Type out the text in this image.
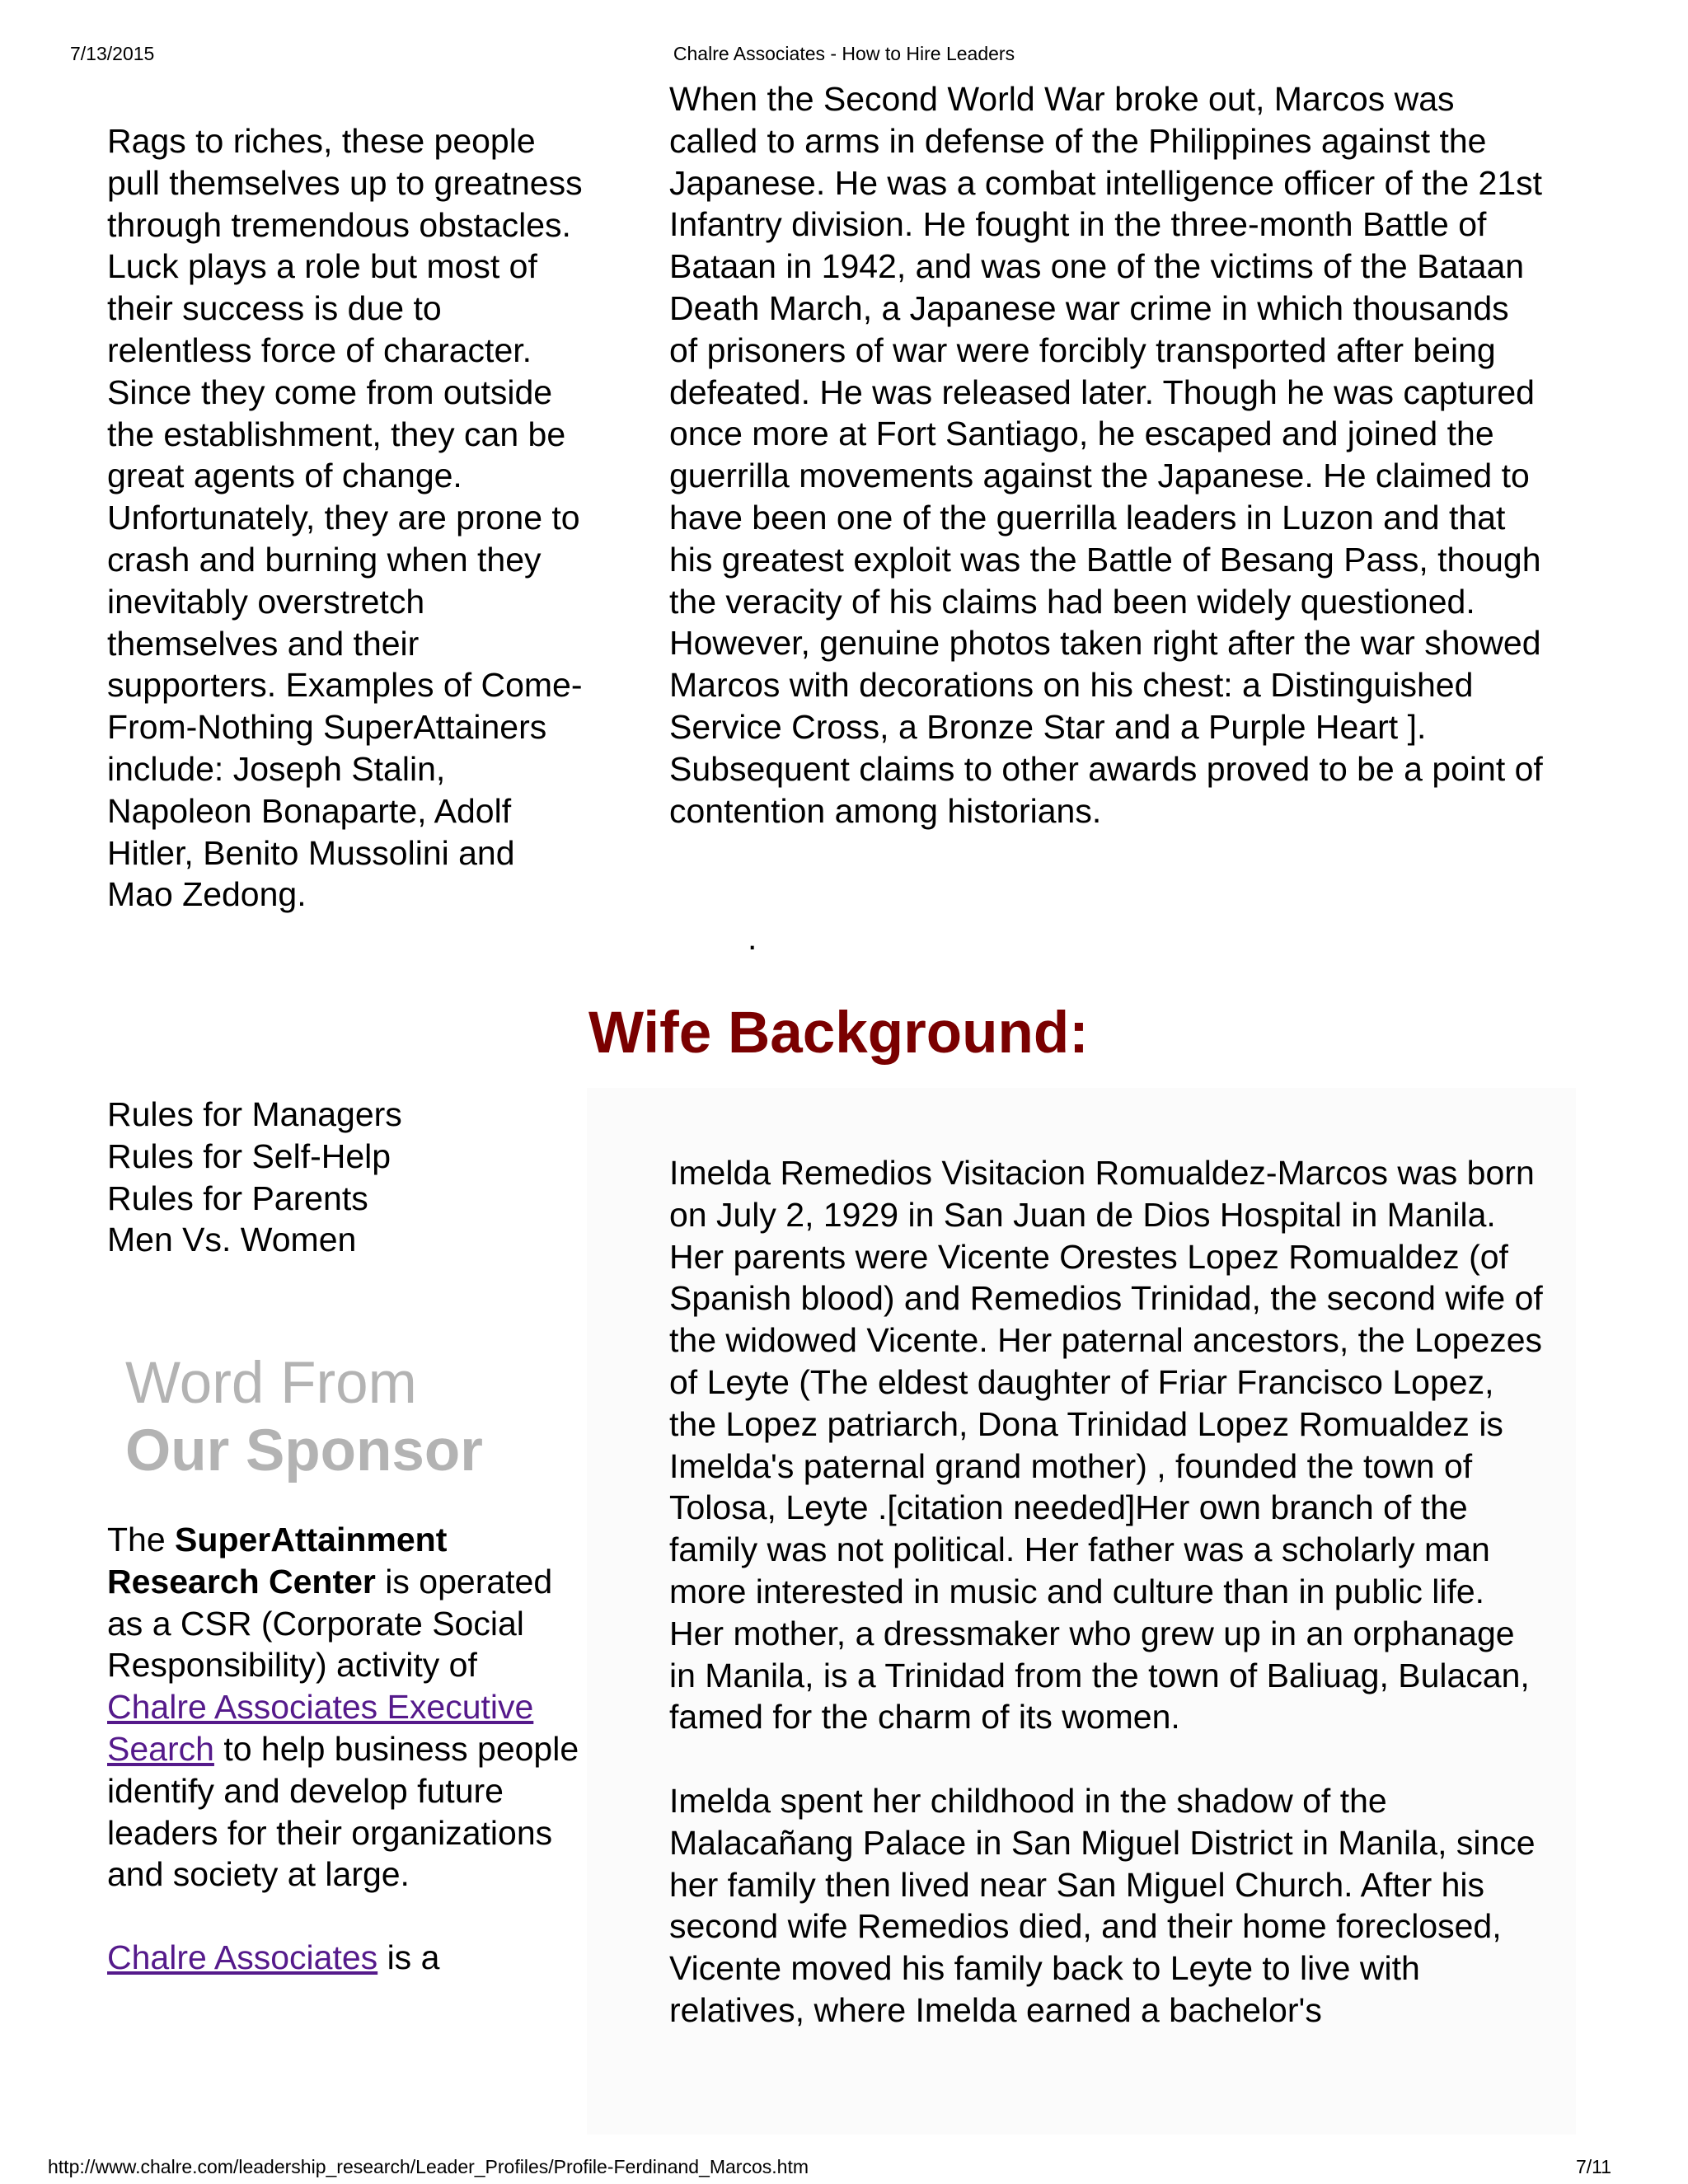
7/13/2015	Chalre Associates - How to Hire Leaders

Rags to riches, these people pull themselves up to greatness through tremendous obstacles. Luck plays a role but most of their success is due to relentless force of character. Since they come from outside the establishment, they can be great agents of change. Unfortunately, they are prone to crash and burning when they inevitably overstretch themselves and their supporters. Examples of Come-From-Nothing SuperAttainers include: Joseph Stalin, Napoleon Bonaparte, Adolf Hitler, Benito Mussolini and Mao Zedong.

Rules for Managers
Rules for Self-Help
Rules for Parents
Men Vs. Women
Word From
Our Sponsor

The SuperAttainment Research Center is operated as a CSR (Corporate Social Responsibility) activity of Chalre Associates Executive Search to help business people identify and develop future leaders for their organizations and society at large.

Chalre Associates is a

When the Second World War broke out, Marcos was called to arms in defense of the Philippines against the Japanese. He was a combat intelligence officer of the 21st Infantry division. He fought in the three-month Battle of Bataan in 1942, and was one of the victims of the Bataan Death March, a Japanese war crime in which thousands of prisoners of war were forcibly transported after being defeated. He was released later. Though he was captured once more at Fort Santiago, he escaped and joined the guerrilla movements against the Japanese. He claimed to have been one of the guerrilla leaders in Luzon and that his greatest exploit was the Battle of Besang Pass, though the veracity of his claims had been widely questioned. However, genuine photos taken right after the war showed Marcos with decorations on his chest: a Distinguished Service Cross, a Bronze Star and a Purple Heart ]. Subsequent claims to other awards proved to be a point of contention among historians.

.
Wife Background:

Imelda Remedios Visitacion Romualdez-Marcos was born on July 2, 1929 in San Juan de Dios Hospital in Manila. Her parents were Vicente Orestes Lopez Romualdez (of Spanish blood) and Remedios Trinidad, the second wife of the widowed Vicente. Her paternal ancestors, the Lopezes of Leyte (The eldest daughter of Friar Francisco Lopez, the Lopez patriarch, Dona Trinidad Lopez Romualdez is Imelda's paternal grand mother) , founded the town of Tolosa, Leyte .[citation needed]Her own branch of the family was not political. Her father was a scholarly man more interested in music and culture than in public life. Her mother, a dressmaker who grew up in an orphanage in Manila, is a Trinidad from the town of Baliuag, Bulacan, famed for the charm of its women.

Imelda spent her childhood in the shadow of the Malacañang Palace in San Miguel District in Manila, since her family then lived near San Miguel Church. After his second wife Remedios died, and their home foreclosed, Vicente moved his family back to Leyte to live with relatives, where Imelda earned a bachelor's

http://www.chalre.com/leadership_research/Leader_Profiles/Profile-Ferdinand_Marcos.htm	7/11
